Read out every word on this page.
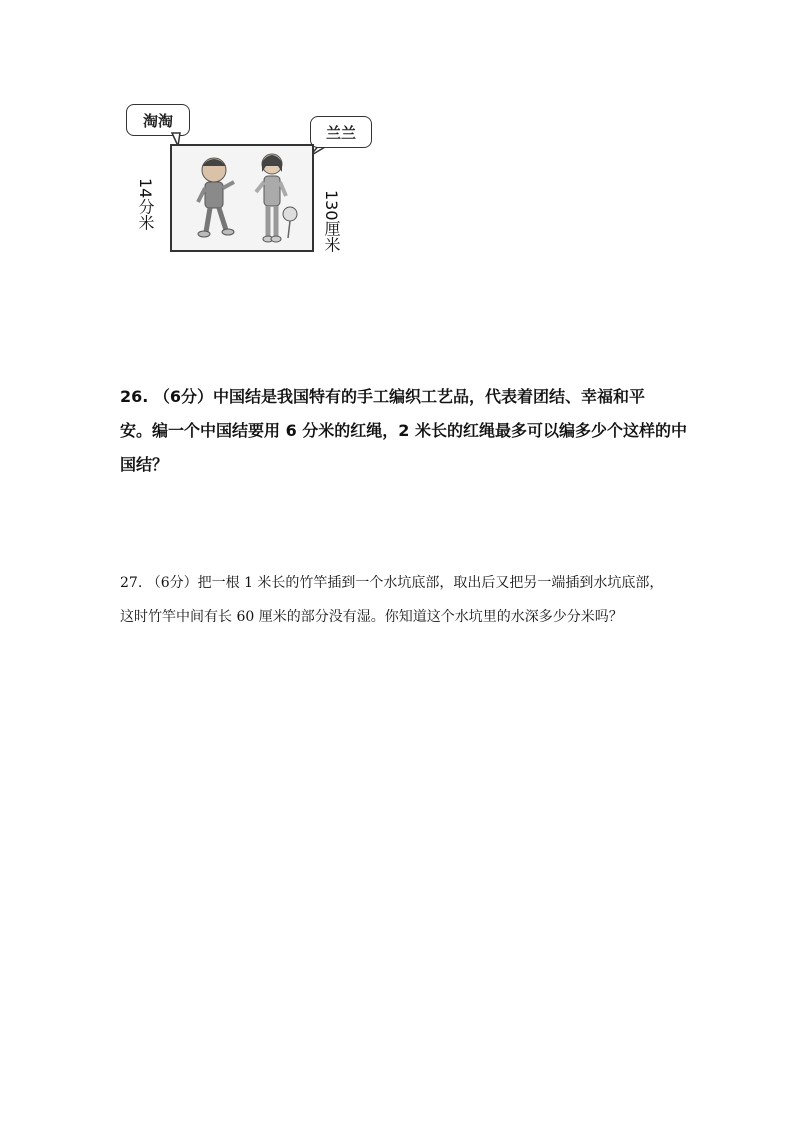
淘淘
兰兰
14分米	130厘米
26. （6分）中国结是我国特有的手工编织工艺品，代表着团结、幸福和平
安。编一个中国结要用 6 分米的红绳，2 米长的红绳最多可以编多少个这样的中
国结？
27. （6分）把一根 1 米长的竹竿插到一个水坑底部，取出后又把另一端插到水坑底部，
这时竹竿中间有长 60 厘米的部分没有湿。你知道这个水坑里的水深多少分米吗？
